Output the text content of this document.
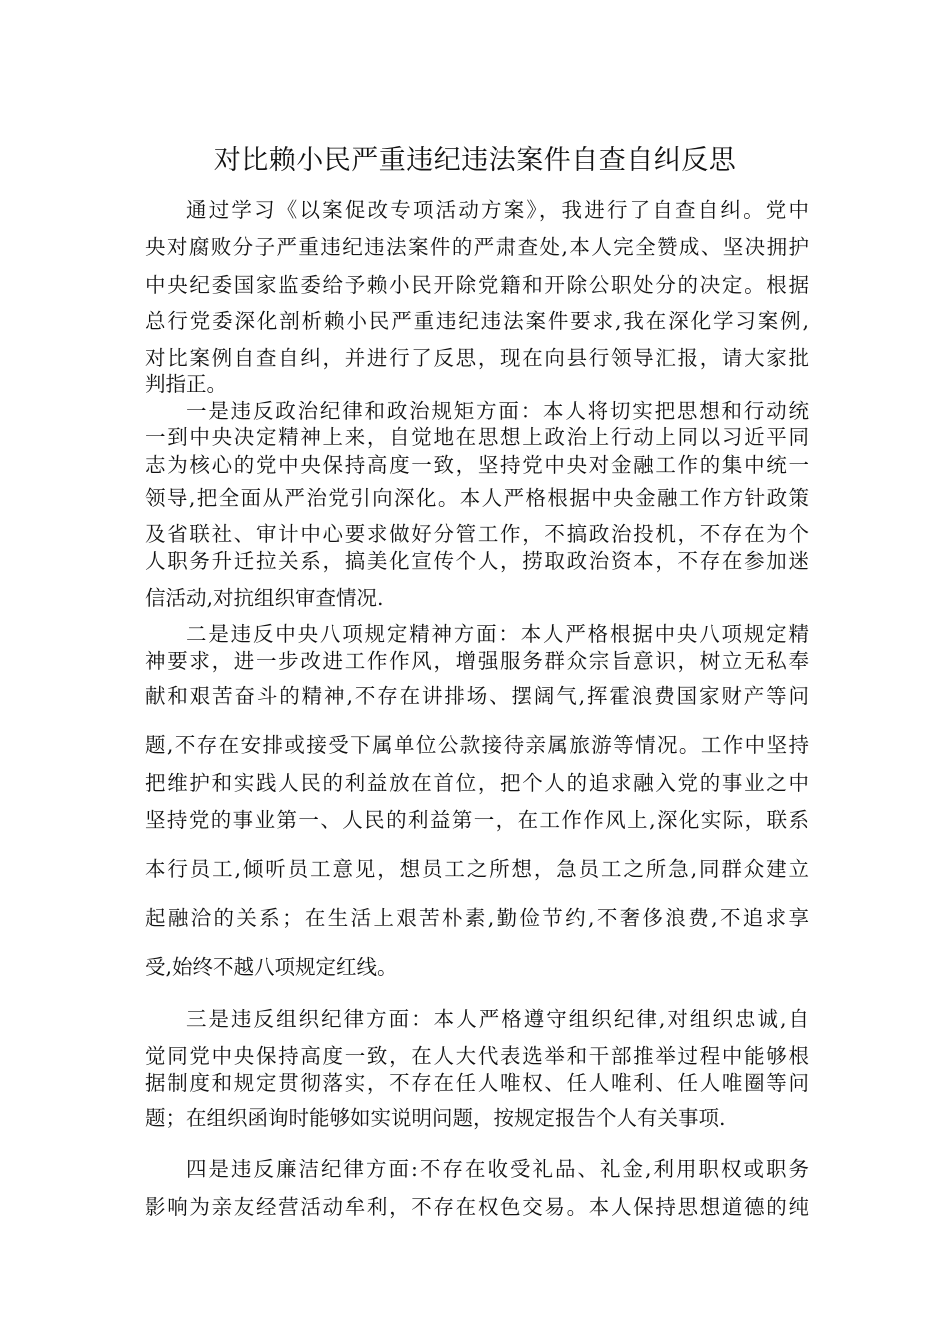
对比赖小民严重违纪违法案件自查自纠反思
通过学习《以案促改专项活动方案》，我进行了自查自纠。党中
央对腐败分子严重违纪违法案件的严肃查处,本人完全赞成、坚决拥护
中央纪委国家监委给予赖小民开除党籍和开除公职处分的决定。根据
总行党委深化剖析赖小民严重违纪违法案件要求,我在深化学习案例,
对比案例自查自纠，并进行了反思，现在向县行领导汇报，请大家批
判指正。
一是违反政治纪律和政治规矩方面：本人将切实把思想和行动统
一到中央决定精神上来，自觉地在思想上政治上行动上同以习近平同
志为核心的党中央保持高度一致，坚持党中央对金融工作的集中统一
领导,把全面从严治党引向深化。本人严格根据中央金融工作方针政策
及省联社、审计中心要求做好分管工作，不搞政治投机，不存在为个
人职务升迁拉关系，搞美化宣传个人，捞取政治资本，不存在参加迷
信活动,对抗组织审查情况.
二是违反中央八项规定精神方面：本人严格根据中央八项规定精
神要求，进一步改进工作作风，增强服务群众宗旨意识，树立无私奉
献和艰苦奋斗的精神,不存在讲排场、摆阔气,挥霍浪费国家财产等问
题,不存在安排或接受下属单位公款接待亲属旅游等情况。工作中坚持
把维护和实践人民的利益放在首位，把个人的追求融入党的事业之中
坚持党的事业第一、人民的利益第一，在工作作风上,深化实际，联系
本行员工,倾听员工意见，想员工之所想，急员工之所急,同群众建立
起融洽的关系；在生活上艰苦朴素,勤俭节约,不奢侈浪费,不追求享
受,始终不越八项规定红线。
三是违反组织纪律方面：本人严格遵守组织纪律,对组织忠诚,自
觉同党中央保持高度一致，在人大代表选举和干部推举过程中能够根
据制度和规定贯彻落实，不存在任人唯权、任人唯利、任人唯圈等问
题；在组织函询时能够如实说明问题，按规定报告个人有关事项.
四是违反廉洁纪律方面:不存在收受礼品、礼金,利用职权或职务
影响为亲友经营活动牟利，不存在权色交易。本人保持思想道德的纯
